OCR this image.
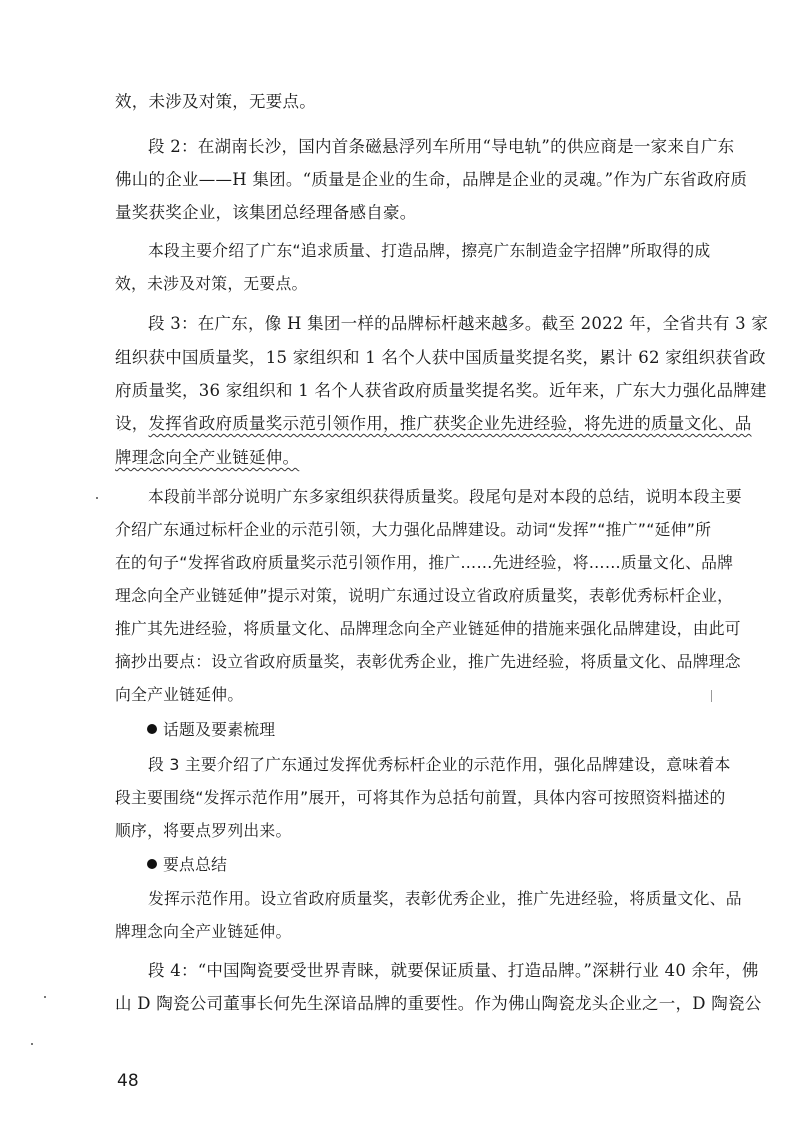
效，未涉及对策，无要点。
段 2：在湖南长沙，国内首条磁悬浮列车所用“导电轨”的供应商是一家来自广东
佛山的企业——H 集团。“质量是企业的生命，品牌是企业的灵魂。”作为广东省政府质
量奖获奖企业，该集团总经理备感自豪。
本段主要介绍了广东“追求质量、打造品牌，擦亮广东制造金字招牌”所取得的成
效，未涉及对策，无要点。
段 3：在广东，像 H 集团一样的品牌标杆越来越多。截至 2022 年，全省共有 3 家
组织获中国质量奖，15 家组织和 1 名个人获中国质量奖提名奖，累计 62 家组织获省政
府质量奖，36 家组织和 1 名个人获省政府质量奖提名奖。近年来，广东大力强化品牌建
设，发挥省政府质量奖示范引领作用，推广获奖企业先进经验，将先进的质量文化、品
牌理念向全产业链延伸。
本段前半部分说明广东多家组织获得质量奖。段尾句是对本段的总结，说明本段主要
介绍广东通过标杆企业的示范引领，大力强化品牌建设。动词“发挥”“推广”“延伸”所
在的句子“发挥省政府质量奖示范引领作用，推广……先进经验，将……质量文化、品牌
理念向全产业链延伸”提示对策，说明广东通过设立省政府质量奖，表彰优秀标杆企业，
推广其先进经验，将质量文化、品牌理念向全产业链延伸的措施来强化品牌建设，由此可
摘抄出要点：设立省政府质量奖，表彰优秀企业，推广先进经验，将质量文化、品牌理念
向全产业链延伸。
话题及要素梳理
段 3 主要介绍了广东通过发挥优秀标杆企业的示范作用，强化品牌建设，意味着本
段主要围绕“发挥示范作用”展开，可将其作为总括句前置，具体内容可按照资料描述的
顺序，将要点罗列出来。
要点总结
发挥示范作用。设立省政府质量奖，表彰优秀企业，推广先进经验，将质量文化、品
牌理念向全产业链延伸。
段 4：“中国陶瓷要受世界青睐，就要保证质量、打造品牌。”深耕行业 40 余年，佛
山 D 陶瓷公司董事长何先生深谙品牌的重要性。作为佛山陶瓷龙头企业之一，D 陶瓷公
48
